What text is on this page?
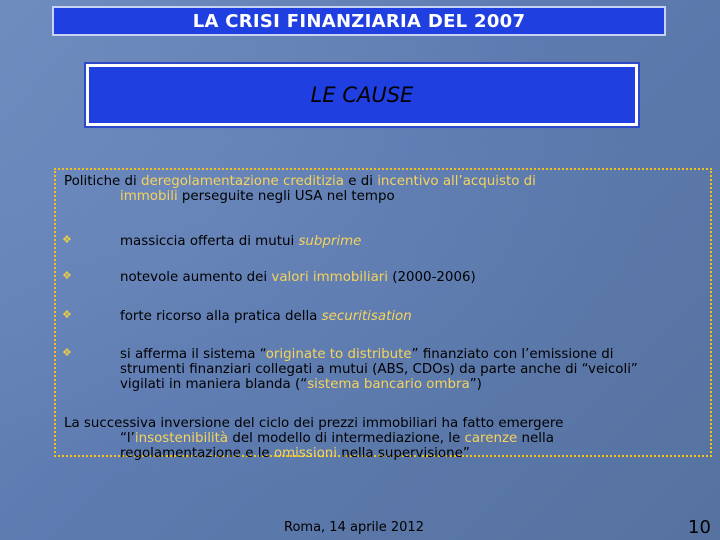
LA CRISI FINANZIARIA DEL 2007
LE CAUSE
Politiche di deregolamentazione creditizia e di incentivo all’acquisto di
immobili perseguite negli USA nel tempo
❖	massiccia offerta di mutui subprime
❖	notevole aumento dei valori immobiliari (2000-2006)
❖	forte ricorso alla pratica della securitisation
❖	si afferma il sistema “originate to distribute” finanziato con l’emissione di
strumenti finanziari collegati a mutui (ABS, CDOs) da parte anche di “veicoli”
vigilati in maniera blanda (“sistema bancario ombra”)
La successiva inversione del ciclo dei prezzi immobiliari ha fatto emergere
“l’insostenibilità del modello di intermediazione, le carenze nella
regolamentazione e le omissioni nella supervisione”
Roma, 14 aprile 2012	10
